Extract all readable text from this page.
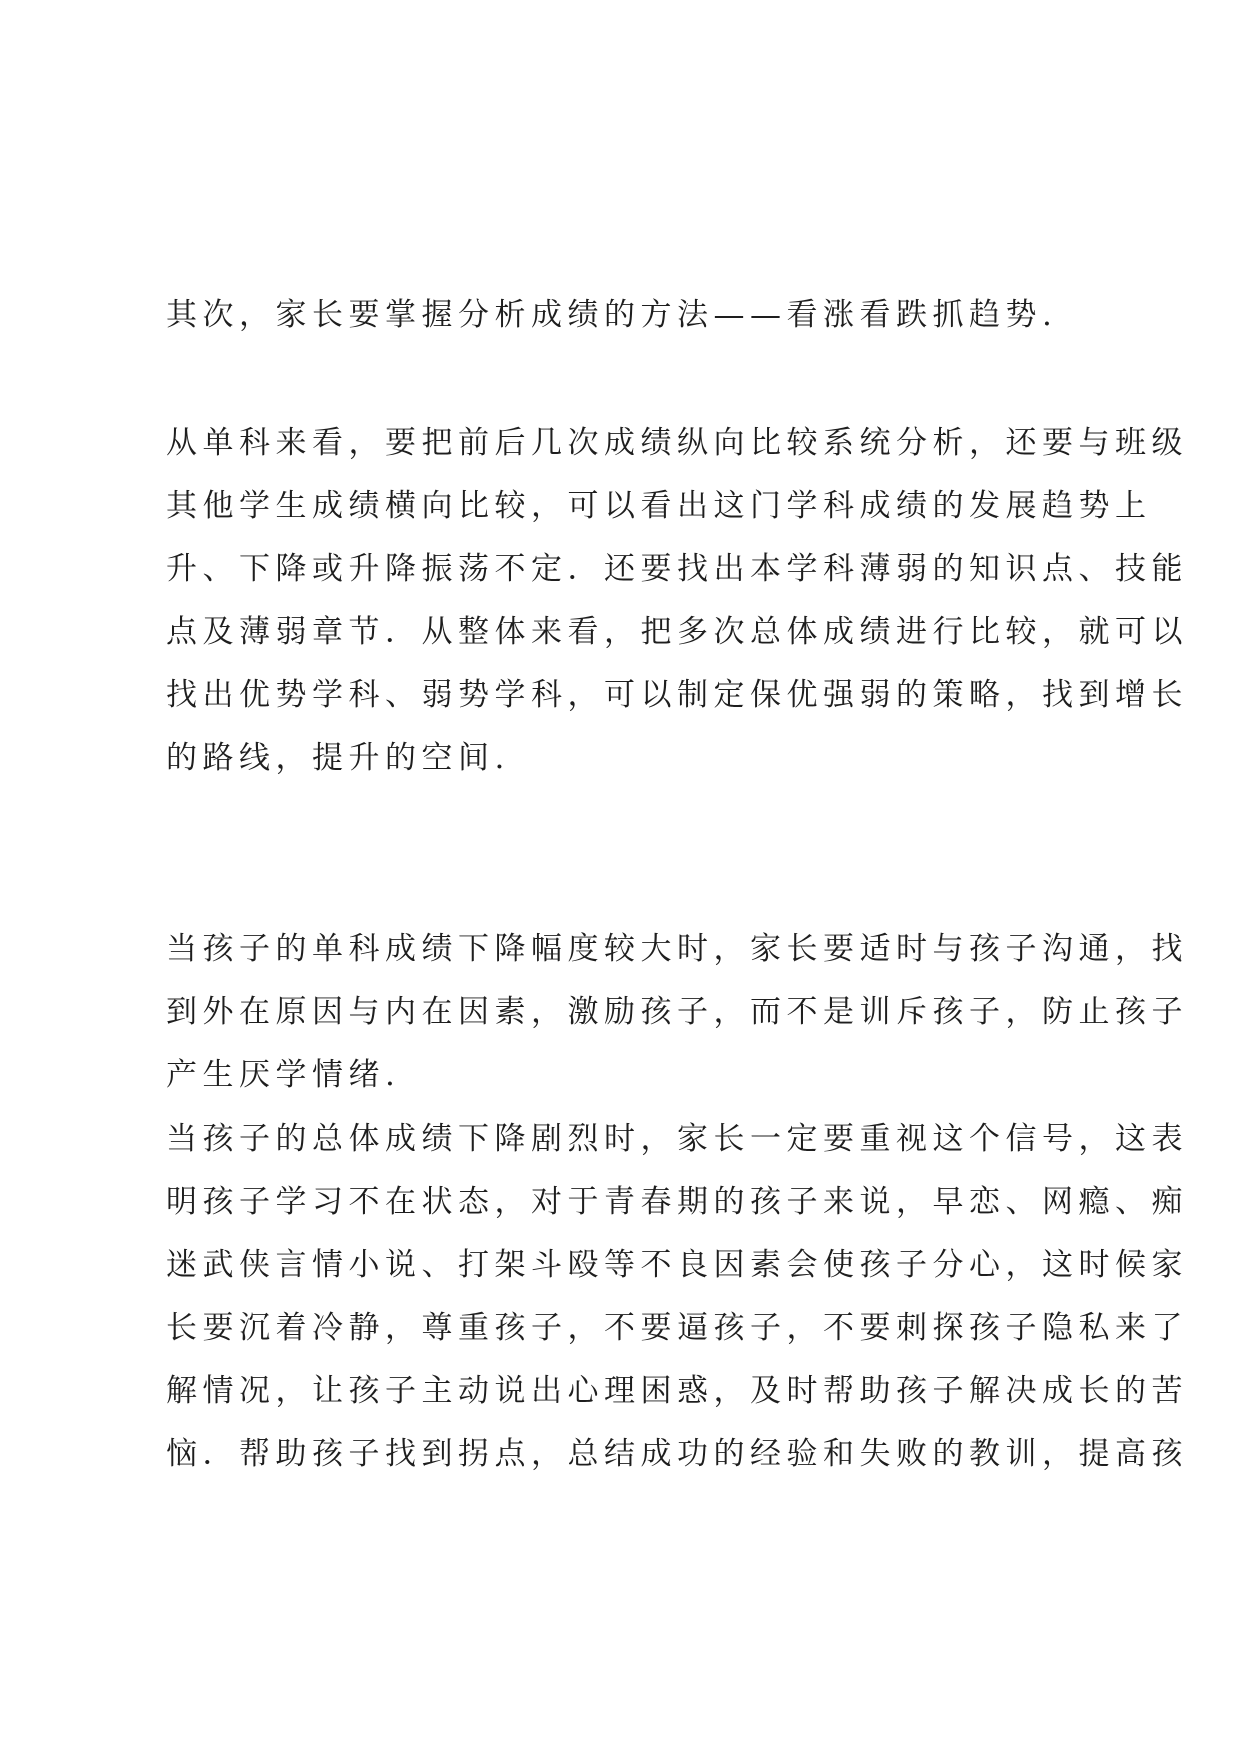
其次，家长要掌握分析成绩的方法——看涨看跌抓趋势.

从单科来看，要把前后几次成绩纵向比较系统分析，还要与班级
其他学生成绩横向比较，可以看出这门学科成绩的发展趋势上
升、下降或升降振荡不定．还要找出本学科薄弱的知识点、技能
点及薄弱章节．从整体来看，把多次总体成绩进行比较，就可以
找出优势学科、弱势学科，可以制定保优强弱的策略，找到增长
的路线，提升的空间.

当孩子的单科成绩下降幅度较大时，家长要适时与孩子沟通，找
到外在原因与内在因素，激励孩子，而不是训斥孩子，防止孩子
产生厌学情绪.

当孩子的总体成绩下降剧烈时，家长一定要重视这个信号，这表
明孩子学习不在状态，对于青春期的孩子来说，早恋、网瘾、痴
迷武侠言情小说、打架斗殴等不良因素会使孩子分心，这时候家
长要沉着冷静，尊重孩子，不要逼孩子，不要刺探孩子隐私来了
解情况，让孩子主动说出心理困惑，及时帮助孩子解决成长的苦
恼．帮助孩子找到拐点，总结成功的经验和失败的教训，提高孩
